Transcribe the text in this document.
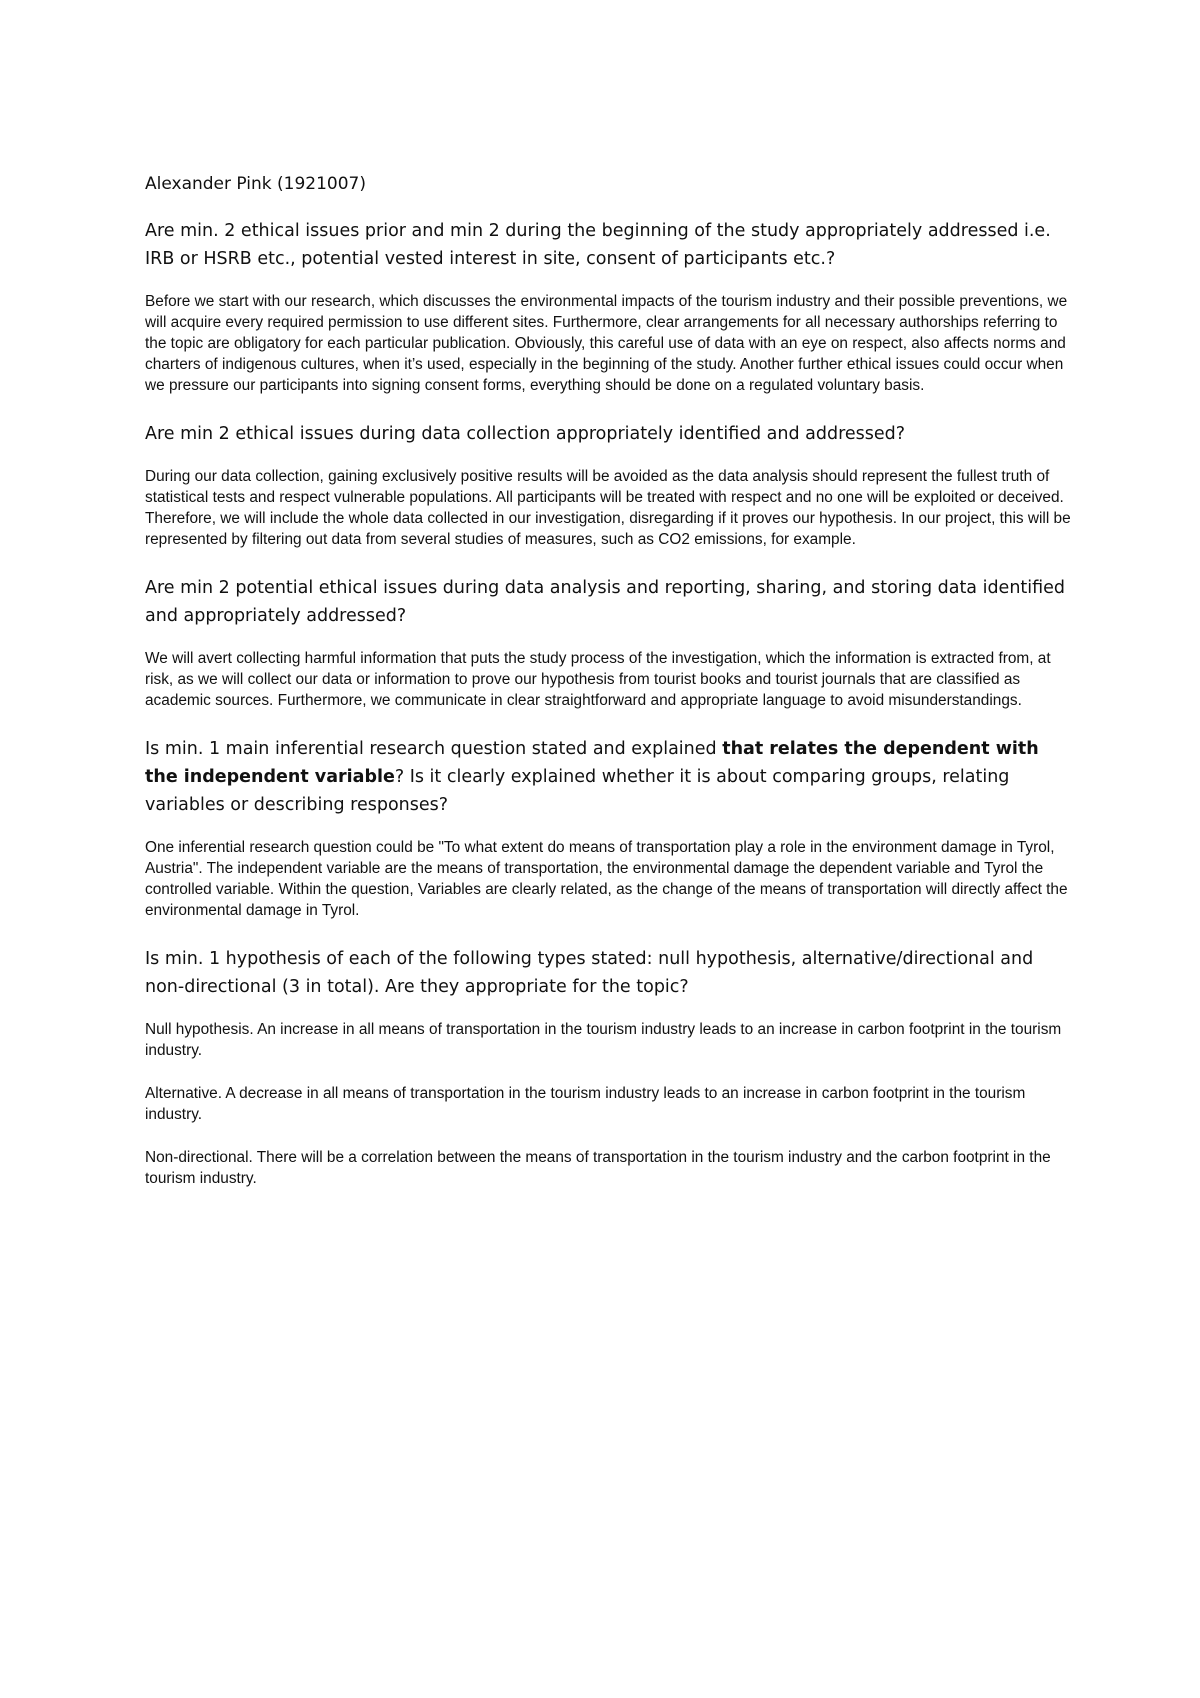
Alexander Pink (1921007)

Are min. 2 ethical issues prior and min 2 during the beginning of the study appropriately addressed i.e. IRB or HSRB etc., potential vested interest in site, consent of participants etc.?

Before we start with our research, which discusses the environmental impacts of the tourism industry and their possible preventions, we will acquire every required permission to use different sites. Furthermore, clear arrangements for all necessary authorships referring to the topic are obligatory for each particular publication. Obviously, this careful use of data with an eye on respect, also affects norms and charters of indigenous cultures, when it’s used, especially in the beginning of the study. Another further ethical issues could occur when we pressure our participants into signing consent forms, everything should be done on a regulated voluntary basis.

Are min 2 ethical issues during data collection appropriately identified and addressed?

During our data collection, gaining exclusively positive results will be avoided as the data analysis should represent the fullest truth of statistical tests and respect vulnerable populations. All participants will be treated with respect and no one will be exploited or deceived. Therefore, we will include the whole data collected in our investigation, disregarding if it proves our hypothesis. In our project, this will be represented by filtering out data from several studies of measures, such as CO2 emissions, for example.

Are min 2 potential ethical issues during data analysis and reporting, sharing, and storing data identified and appropriately addressed?

We will avert collecting harmful information that puts the study process of the investigation, which the information is extracted from, at risk, as we will collect our data or information to prove our hypothesis from tourist books and tourist journals that are classified as academic sources. Furthermore, we communicate in clear straightforward and appropriate language to avoid misunderstandings.

Is min. 1 main inferential research question stated and explained that relates the dependent with the independent variable? Is it clearly explained whether it is about comparing groups, relating variables or describing responses?

One inferential research question could be "To what extent do means of transportation play a role in the environment damage in Tyrol, Austria". The independent variable are the means of transportation, the environmental damage the dependent variable and Tyrol the controlled variable. Within the question, Variables are clearly related, as the change of the means of transportation will directly affect the environmental damage in Tyrol.

Is min. 1 hypothesis of each of the following types stated: null hypothesis, alternative/directional and non-directional (3 in total). Are they appropriate for the topic?

Null hypothesis. An increase in all means of transportation in the tourism industry leads to an increase in carbon footprint in the tourism industry.

Alternative. A decrease in all means of transportation in the tourism industry leads to an increase in carbon footprint in the tourism industry.

Non-directional. There will be a correlation between the means of transportation in the tourism industry and the carbon footprint in the tourism industry.
